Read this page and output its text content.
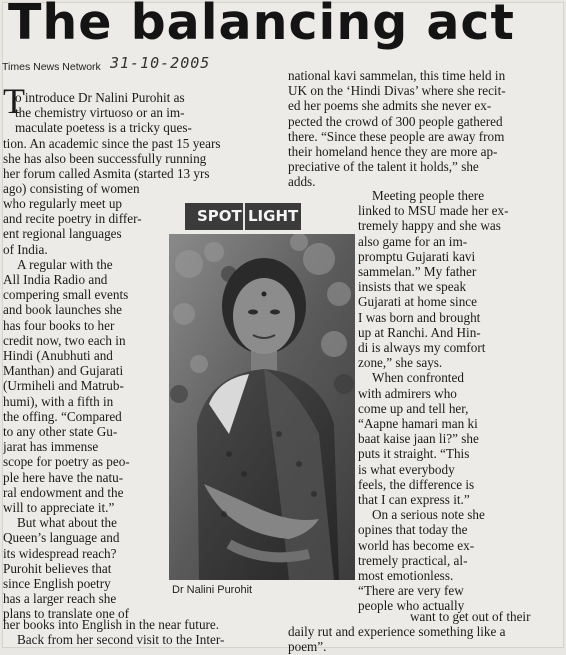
The balancing act
Times News Network 31-10-2005
T
o introduce Dr Nalini Purohit as
the chemistry virtuoso or an im-
maculate poetess is a tricky ques-
tion. An academic since the past 15 years
she has also been successfully running
her forum called Asmita (started 13 yrs
ago) consisting of women
who regularly meet up
and recite poetry in differ-
ent regional languages
of India.
A regular with the
All India Radio and
compering small events
and book launches she
has four books to her
credit now, two each in
Hindi (Anubhuti and
Manthan) and Gujarati
(Urmiheli and Matrub-
humi), with a fifth in
the offing. “Compared
to any other state Gu-
jarat has immense
scope for poetry as peo-
ple here have the natu-
ral endowment and the
will to appreciate it.”
But what about the
Queen’s language and
its widespread reach?
Purohit believes that
since English poetry
has a larger reach she
plans to translate one of
her books into English in the near future.
Back from her second visit to the Inter-
national kavi sammelan, this time held in
UK on the ‘Hindi Divas’ where she recit-
ed her poems she admits she never ex-
pected the crowd of 300 people gathered
there. “Since these people are away from
their homeland hence they are more ap-
preciative of the talent it holds,” she
adds.
Meeting people there
linked to MSU made her ex-
tremely happy and she was
also game for an im-
promptu Gujarati kavi
sammelan.” My father
insists that we speak
Gujarati at home since
I was born and brought
up at Ranchi. And Hin-
di is always my comfort
zone,” she says.
When confronted
with admirers who
come up and tell her,
“Aapne hamari man ki
baat kaise jaan li?” she
puts it straight. “This
is what everybody
feels, the difference is
that I can express it.”
On a serious note she
opines that today the
world has become ex-
tremely practical, al-
most emotionless.
“There are very few
people who actually
want to get out of their
daily rut and experience something like a
poem”.
SPOT LIGHT
Dr Nalini Purohit
